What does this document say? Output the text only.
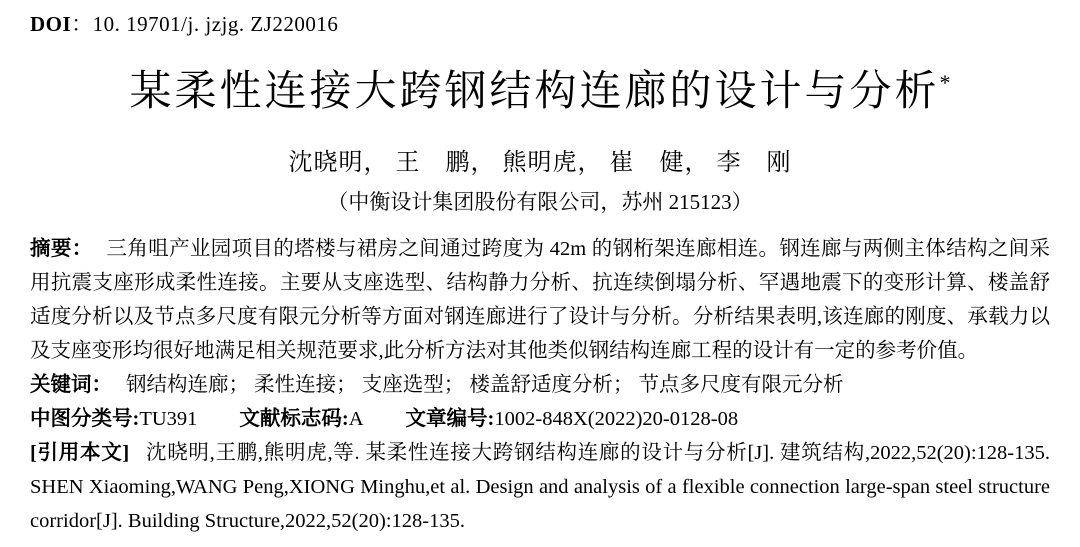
DOI：10. 19701/j. jzjg. ZJ220016
某柔性连接大跨钢结构连廊的设计与分析*
沈晓明， 王　鹏， 熊明虎， 崔　健， 李　刚
（中衡设计集团股份有限公司，苏州 215123）

摘要： 三角咀产业园项目的塔楼与裙房之间通过跨度为 42m 的钢桁架连廊相连。钢连廊与两侧主体结构之间采用抗震支座形成柔性连接。主要从支座选型、结构静力分析、抗连续倒塌分析、罕遇地震下的变形计算、楼盖舒适度分析以及节点多尺度有限元分析等方面对钢连廊进行了设计与分析。分析结果表明,该连廊的刚度、承载力以及支座变形均很好地满足相关规范要求,此分析方法对其他类似钢结构连廊工程的设计有一定的参考价值。

关键词： 钢结构连廊； 柔性连接； 支座选型； 楼盖舒适度分析； 节点多尺度有限元分析

中图分类号:TU391 文献标志码:A 文章编号:1002-848X(2022)20-0128-08

[引用本文] 沈晓明,王鹏,熊明虎,等. 某柔性连接大跨钢结构连廊的设计与分析[J]. 建筑结构,2022,52(20):128-135. SHEN Xiaoming,WANG Peng,XIONG Minghu,et al. Design and analysis of a flexible connection large-span steel structure corridor[J]. Building Structure,2022,52(20):128-135.
